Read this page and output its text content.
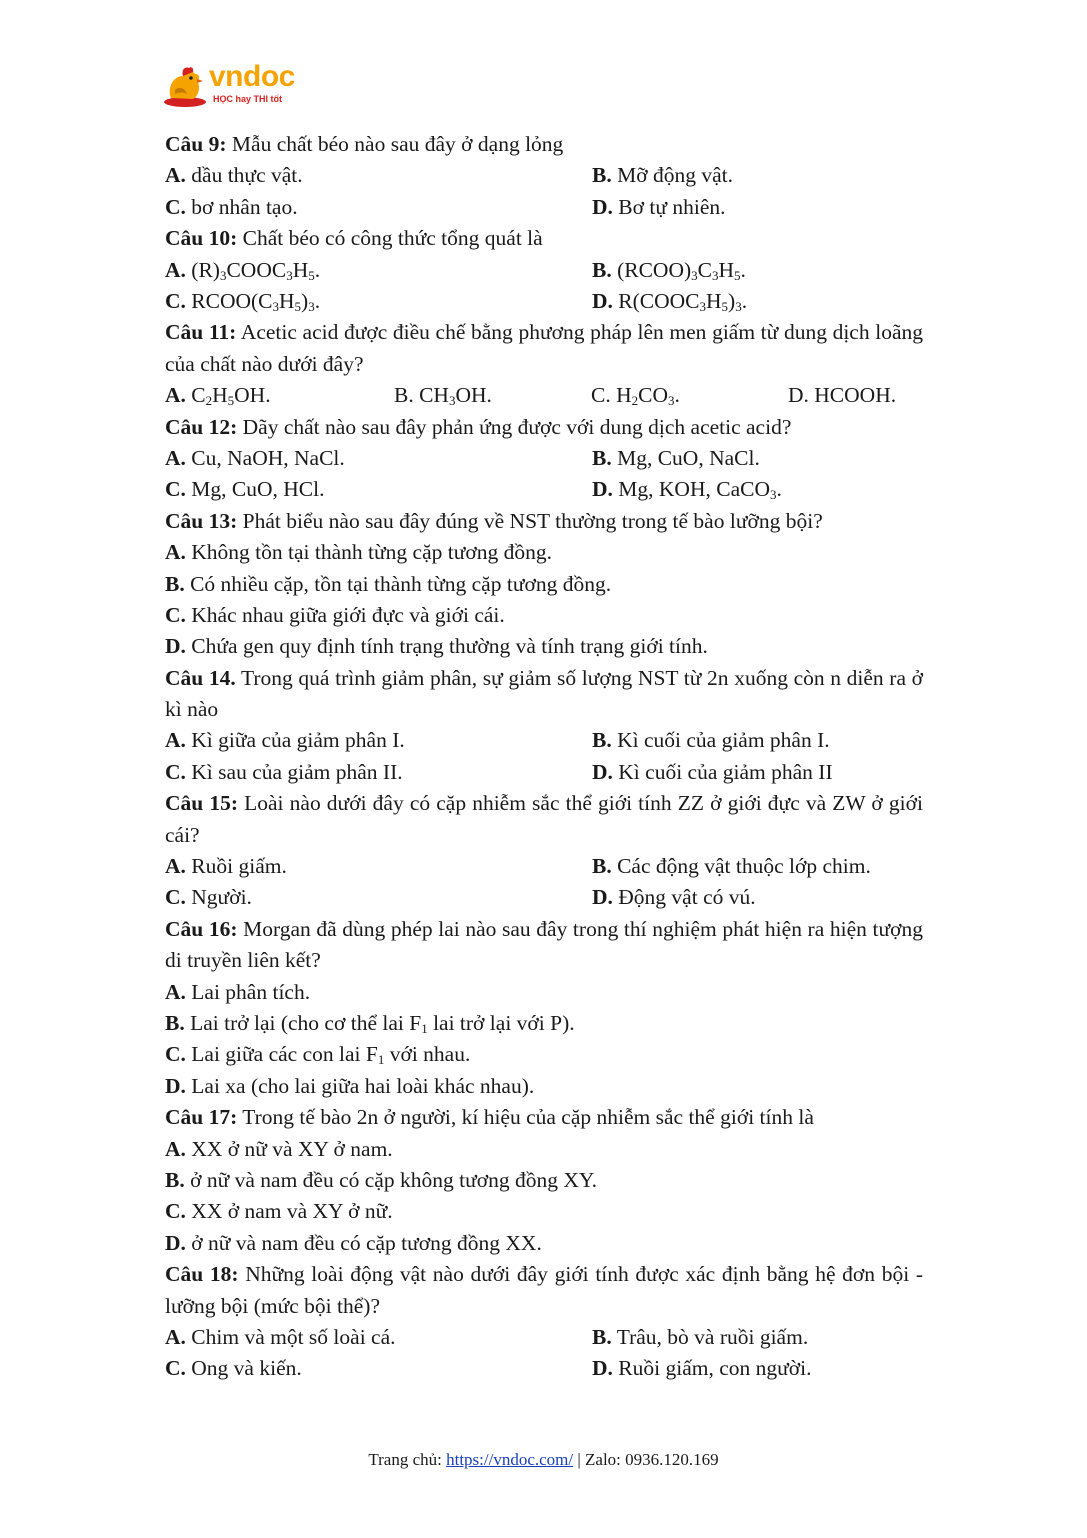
vndoc
HỌC hay THI tốt
Câu 9: Mẫu chất béo nào sau đây ở dạng lỏng
A. dầu thực vật.	B. Mỡ động vật.
C. bơ nhân tạo.	D. Bơ tự nhiên.
Câu 10: Chất béo có công thức tổng quát là
A. $(R)_3COOC_3H_5$.	B. $(RCOO)_3C_3H_5$.
C. $RCOO(C_3H_5)_3$.	D. $R(COOC_3H_5)_3$.
Câu 11: Acetic acid được điều chế bằng phương pháp lên men giấm từ dung dịch loãng của chất nào dưới đây?
A. $C_2H_5OH$.	B. $CH_3OH$.	C. $H_2CO_3$.	D. HCOOH.
Câu 12: Dãy chất nào sau đây phản ứng được với dung dịch acetic acid?
A. Cu, NaOH, NaCl.	B. Mg, CuO, NaCl.
C. Mg, CuO, HCl.	D. Mg, KOH, CaCO$_3$.
Câu 13: Phát biểu nào sau đây đúng về NST thường trong tế bào lưỡng bội?
A. Không tồn tại thành từng cặp tương đồng.
B. Có nhiều cặp, tồn tại thành từng cặp tương đồng.
C. Khác nhau giữa giới đực và giới cái.
D. Chứa gen quy định tính trạng thường và tính trạng giới tính.
Câu 14. Trong quá trình giảm phân, sự giảm số lượng NST từ 2n xuống còn n diễn ra ở kì nào
A. Kì giữa của giảm phân I.	B. Kì cuối của giảm phân I.
C. Kì sau của giảm phân II.	D. Kì cuối của giảm phân II
Câu 15: Loài nào dưới đây có cặp nhiễm sắc thể giới tính ZZ ở giới đực và ZW ở giới cái?
A. Ruồi giấm.	B. Các động vật thuộc lớp chim.
C. Người.	D. Động vật có vú.
Câu 16: Morgan đã dùng phép lai nào sau đây trong thí nghiệm phát hiện ra hiện tượng di truyền liên kết?
A. Lai phân tích.
B. Lai trở lại (cho cơ thể lai $F_1$ lai trở lại với P).
C. Lai giữa các con lai $F_1$ với nhau.
D. Lai xa (cho lai giữa hai loài khác nhau).
Câu 17: Trong tế bào 2n ở người, kí hiệu của cặp nhiễm sắc thể giới tính là
A. XX ở nữ và XY ở nam.
B. ở nữ và nam đều có cặp không tương đồng XY.
C. XX ở nam và XY ở nữ.
D. ở nữ và nam đều có cặp tương đồng XX.
Câu 18: Những loài động vật nào dưới đây giới tính được xác định bằng hệ đơn bội - lưỡng bội (mức bội thể)?
A. Chim và một số loài cá.	B. Trâu, bò và ruồi giấm.
C. Ong và kiến.	D. Ruồi giấm, con người.
Trang chủ: https://vndoc.com/ | Zalo: 0936.120.169
